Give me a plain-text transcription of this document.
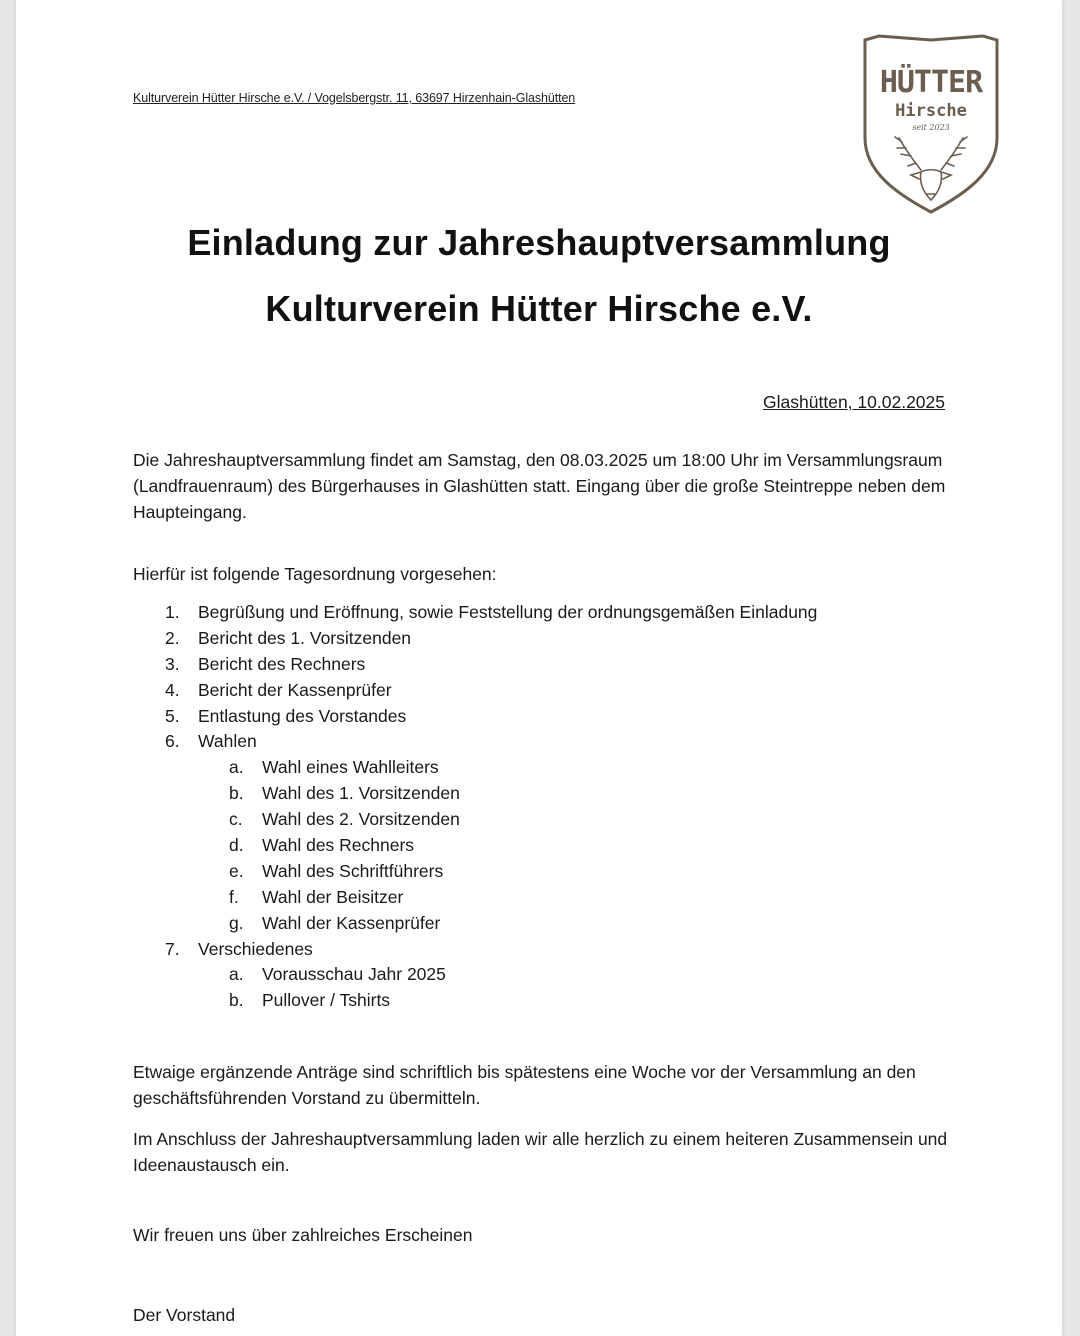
Kulturverein Hütter Hirsche e.V. / Vogelsbergstr. 11, 63697 Hirzenhain-Glashütten	HÜTTER
Hirsche
seit 2023
Einladung zur Jahreshauptversammlung
Kulturverein Hütter Hirsche e.V.
Glashütten, 10.02.2025

Die Jahreshauptversammlung findet am Samstag, den 08.03.2025 um 18:00 Uhr im Versammlungsraum (Landfrauenraum) des Bürgerhauses in Glashütten statt. Eingang über die große Steintreppe neben dem Haupteingang.

Hierfür ist folgende Tagesordnung vorgesehen:

1. Begrüßung und Eröffnung, sowie Feststellung der ordnungsgemäßen Einladung
2. Bericht des 1. Vorsitzenden
3. Bericht des Rechners
4. Bericht der Kassenprüfer
5. Entlastung des Vorstandes
6. Wahlen
a. Wahl eines Wahlleiters
b. Wahl des 1. Vorsitzenden
c. Wahl des 2. Vorsitzenden
d. Wahl des Rechners
e. Wahl des Schriftführers
f. Wahl der Beisitzer
g. Wahl der Kassenprüfer
7. Verschiedenes
a. Vorausschau Jahr 2025
b. Pullover / Tshirts

Etwaige ergänzende Anträge sind schriftlich bis spätestens eine Woche vor der Versammlung an den geschäftsführenden Vorstand zu übermitteln.

Im Anschluss der Jahreshauptversammlung laden wir alle herzlich zu einem heiteren Zusammensein und Ideenaustausch ein.

Wir freuen uns über zahlreiches Erscheinen

Der Vorstand
